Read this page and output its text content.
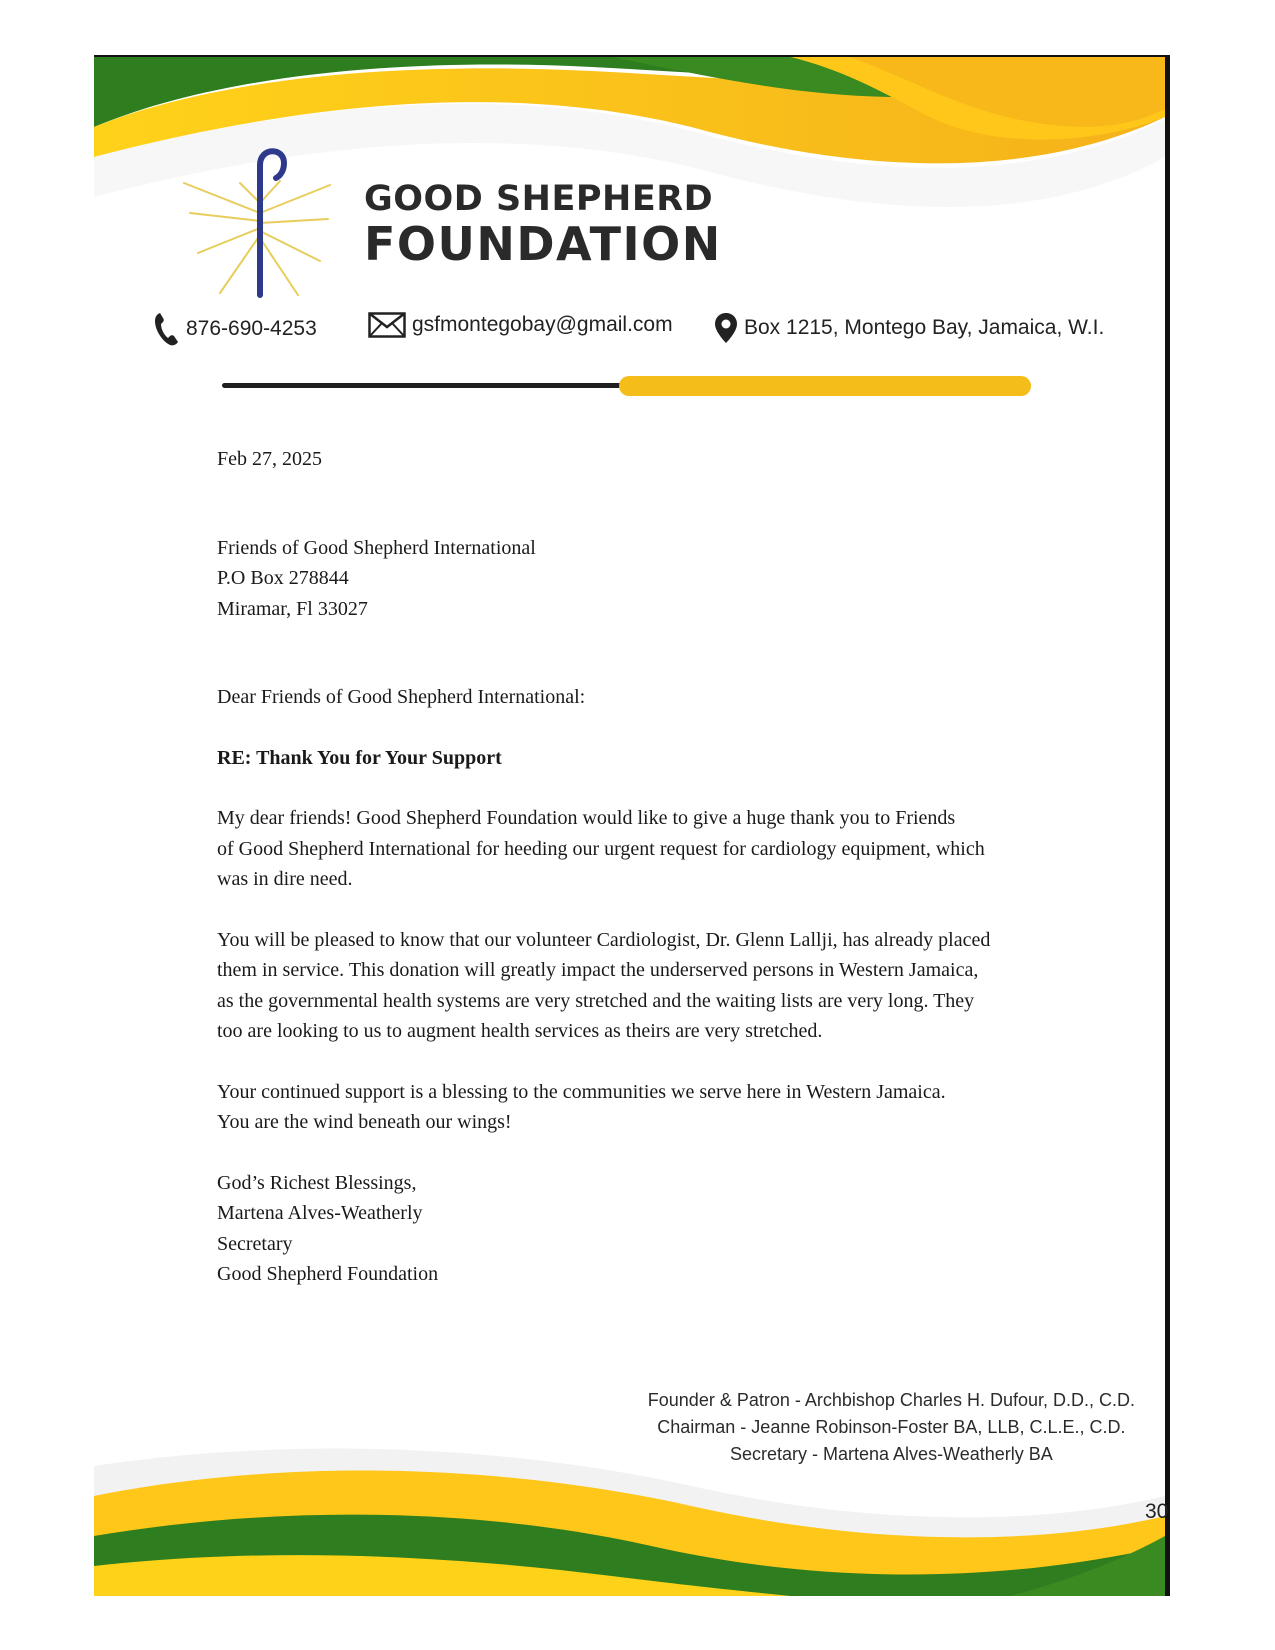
GOOD SHEPHERD
FOUNDATION
876-690-4253	gsfmontegobay@gmail.com	Box 1215, Montego Bay, Jamaica, W.I.

Feb 27, 2025

Friends of Good Shepherd International

P.O Box 278844

Miramar, Fl 33027

Dear Friends of Good Shepherd International:

RE: Thank You for Your Support

My dear friends! Good Shepherd Foundation would like to give a huge thank you to Friends

of Good Shepherd International for heeding our urgent request for cardiology equipment, which

was in dire need.

You will be pleased to know that our volunteer Cardiologist, Dr. Glenn Lallji, has already placed

them in service. This donation will greatly impact the underserved persons in Western Jamaica,

as the governmental health systems are very stretched and the waiting lists are very long. They

too are looking to us to augment health services as theirs are very stretched.

Your continued support is a blessing to the communities we serve here in Western Jamaica.

You are the wind beneath our wings!

God’s Richest Blessings,

Martena Alves-Weatherly

Secretary

Good Shepherd Foundation

Founder & Patron - Archbishop Charles H. Dufour, D.D., C.D.
Chairman - Jeanne Robinson-Foster BA, LLB, C.L.E., C.D.
Secretary - Martena Alves-Weatherly BA
30
